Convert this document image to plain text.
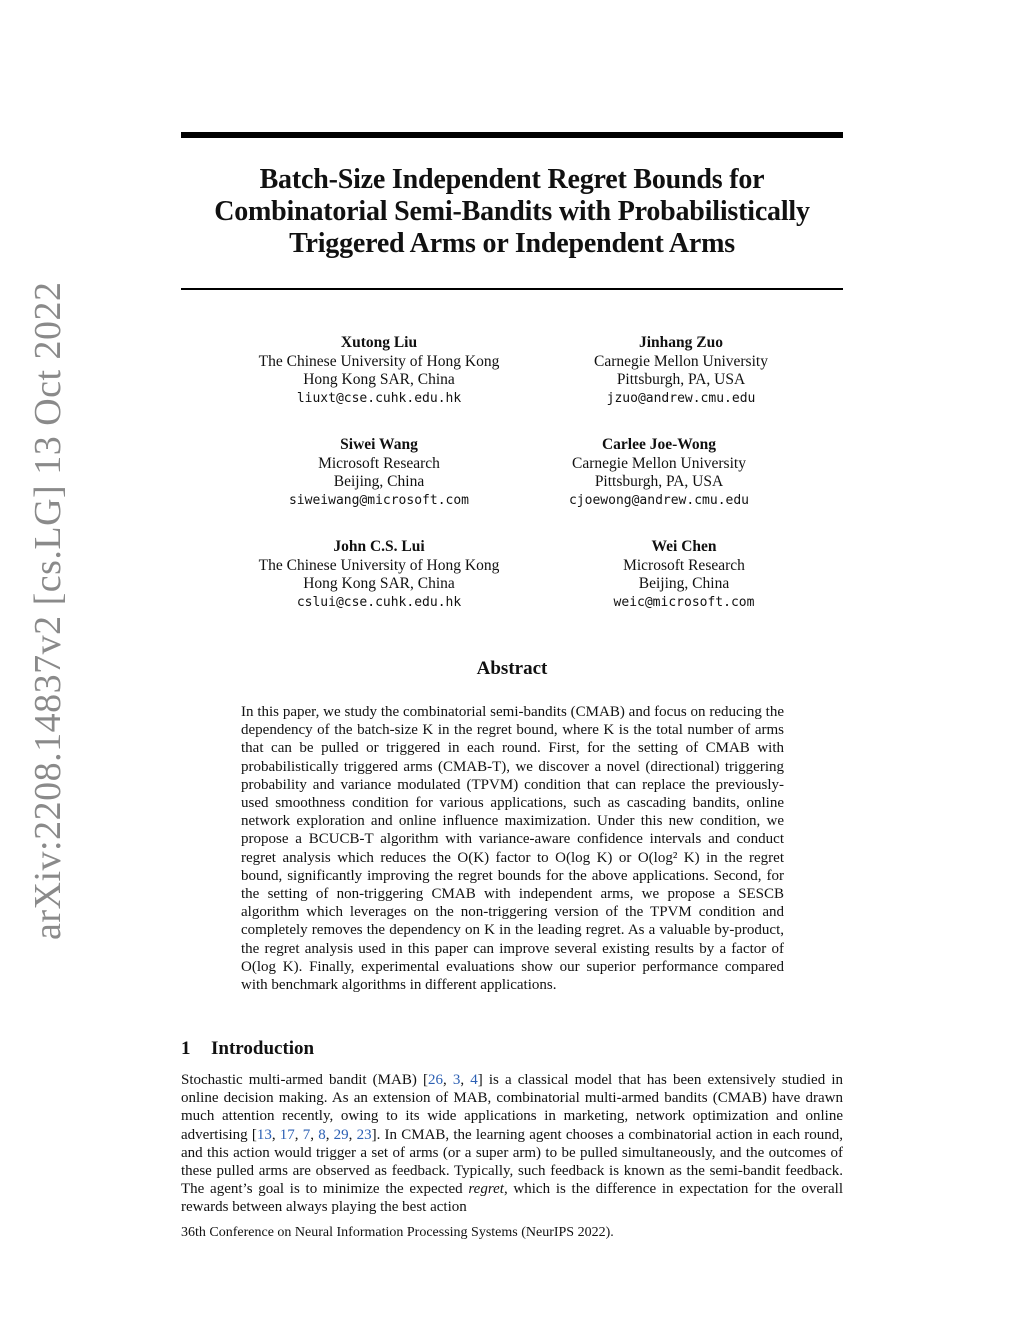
arXiv:2208.14837v2 [cs.LG] 13 Oct 2022
Batch-Size Independent Regret Bounds for
Combinatorial Semi-Bandits with Probabilistically
Triggered Arms or Independent Arms
Xutong Liu
The Chinese University of Hong Kong
Hong Kong SAR, China
liuxt@cse.cuhk.edu.hk
Jinhang Zuo
Carnegie Mellon University
Pittsburgh, PA, USA
jzuo@andrew.cmu.edu
Siwei Wang
Microsoft Research
Beijing, China
siweiwang@microsoft.com
Carlee Joe-Wong
Carnegie Mellon University
Pittsburgh, PA, USA
cjoewong@andrew.cmu.edu
John C.S. Lui
The Chinese University of Hong Kong
Hong Kong SAR, China
cslui@cse.cuhk.edu.hk
Wei Chen
Microsoft Research
Beijing, China
weic@microsoft.com
Abstract

In this paper, we study the combinatorial semi-bandits (CMAB) and focus on reducing the dependency of the batch-size K in the regret bound, where K is the total number of arms that can be pulled or triggered in each round. First, for the setting of CMAB with probabilistically triggered arms (CMAB-T), we discover a novel (directional) triggering probability and variance modulated (TPVM) condition that can replace the previously-used smoothness condition for various applications, such as cascading bandits, online network exploration and online influence maximization. Under this new condition, we propose a BCUCB-T algorithm with variance-aware confidence intervals and conduct regret analysis which reduces the O(K) factor to O(log K) or O(log² K) in the regret bound, significantly improving the regret bounds for the above applications. Second, for the setting of non-triggering CMAB with independent arms, we propose a SESCB algorithm which leverages on the non-triggering version of the TPVM condition and completely removes the dependency on K in the leading regret. As a valuable by-product, the regret analysis used in this paper can improve several existing results by a factor of O(log K). Finally, experimental evaluations show our superior performance compared with benchmark algorithms in different applications.

1 Introduction

Stochastic multi-armed bandit (MAB) [26, 3, 4] is a classical model that has been extensively studied in online decision making. As an extension of MAB, combinatorial multi-armed bandits (CMAB) have drawn much attention recently, owing to its wide applications in marketing, network optimization and online advertising [13, 17, 7, 8, 29, 23]. In CMAB, the learning agent chooses a combinatorial action in each round, and this action would trigger a set of arms (or a super arm) to be pulled simultaneously, and the outcomes of these pulled arms are observed as feedback. Typically, such feedback is known as the semi-bandit feedback. The agent’s goal is to minimize the expected regret, which is the difference in expectation for the overall rewards between always playing the best action

36th Conference on Neural Information Processing Systems (NeurIPS 2022).
